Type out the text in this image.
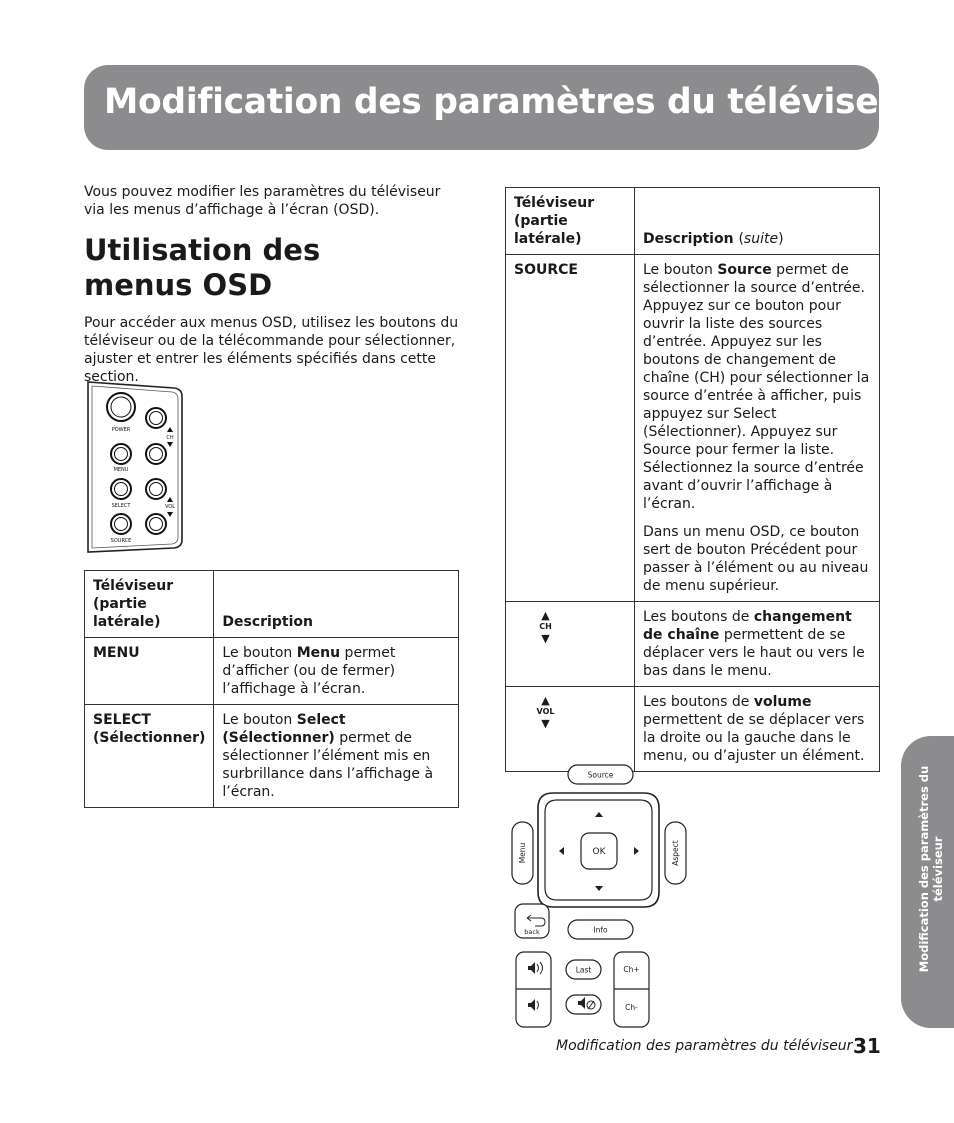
Modification des paramètres du téléviseur

Vous pouvez modifier les paramètres du téléviseur via les menus d’affichage à l’écran (OSD).

Utilisation des menus OSD

Pour accéder aux menus OSD, utilisez les boutons du téléviseur ou de la télécommande pour sélectionner, ajuster et entrer les éléments spécifiés dans cette section.

POWER
CH
MENU
SELECT	VOL
SOURCE
Téléviseur (partie latérale)	Description
MENU	Le bouton Menu permet d’afficher (ou de fermer) l’affichage à l’écran.
SELECT (Sélectionner)	Le bouton Select (Sélectionner) permet de sélectionner l’élément mis en surbrillance dans l’affichage à l’écran.
Téléviseur (partie latérale)	Description (suite)
SOURCE	Le bouton Source permet de sélectionner la source d’entrée. Appuyez sur ce bouton pour ouvrir la liste des sources d’entrée. Appuyez sur les boutons de changement de chaîne (CH) pour sélectionner la source d’entrée à afficher, puis appuyez sur Select (Sélectionner). Appuyez sur Source pour fermer la liste. Sélectionnez la source d’entrée avant d’ouvrir l’affichage à l’écran.
Dans un menu OSD, ce bouton sert de bouton Précédent pour passer à l’élément ou au niveau de menu supérieur.

▲
CH
▼	Les boutons de changement de chaîne permettent de se déplacer vers le haut ou vers le bas dans le menu.

▲
VOL
▼	Les boutons de volume permettent de se déplacer vers la droite ou la gauche dans le menu, ou d’ajuster un élément.
Source
OK
Menu	Aspect
back	Info
Last	Ch+
Ch-
Modification des paramètres du téléviseur
Modification des paramètres du téléviseur 31
